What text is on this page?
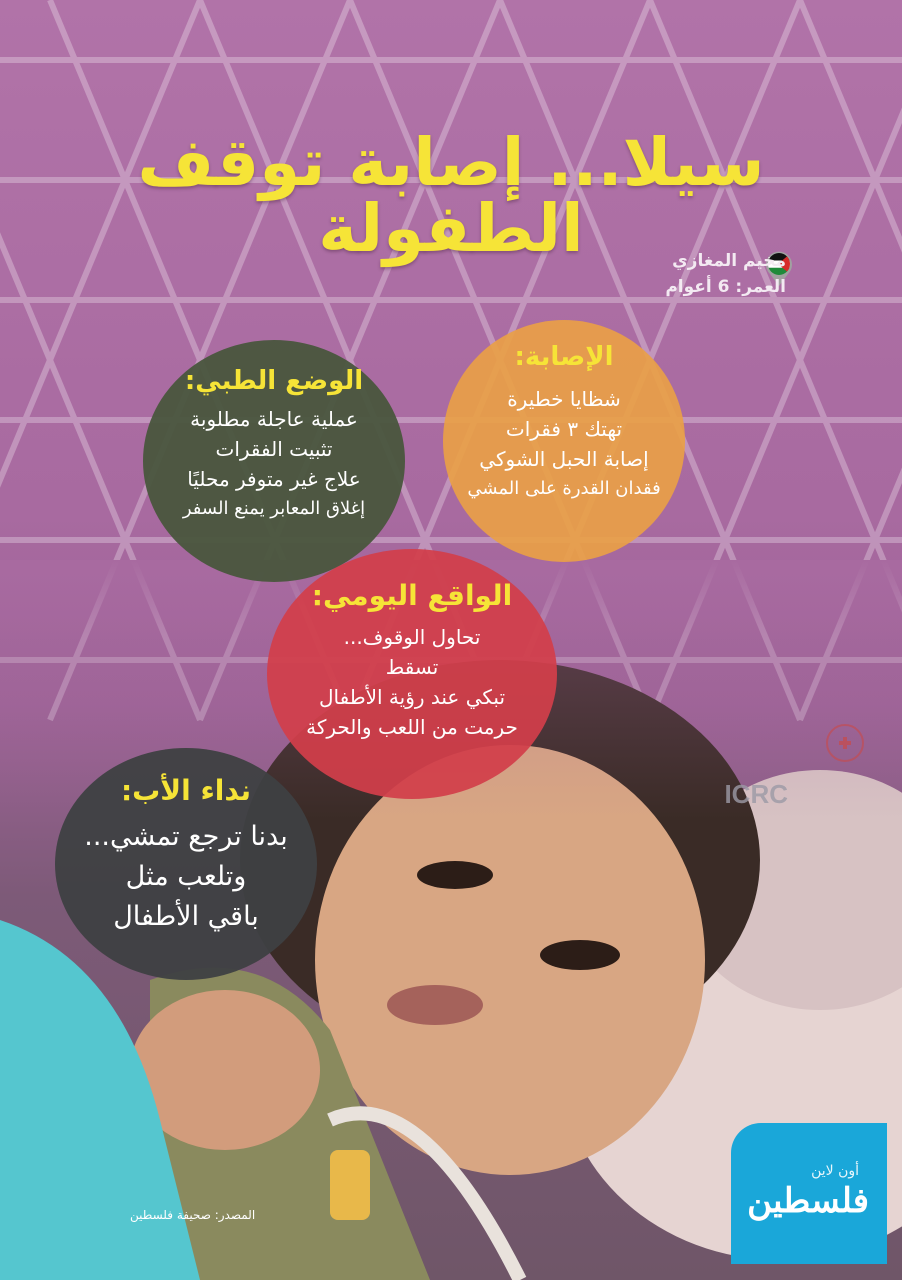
ICRC
سيلا... إصابة توقف الطفولة	مخيم المغازي
العمر: 6 أعوام
الإصابة:
شظايا خطيرة
تهتك ٣ فقرات
إصابة الحبل الشوكي
فقدان القدرة على المشي
الوضع الطبي:
عملية عاجلة مطلوبة
تثبيت الفقرات
علاج غير متوفر محليًا
إغلاق المعابر يمنع السفر
الواقع اليومي:
تحاول الوقوف...
تسقط
تبكي عند رؤية الأطفال
حرمت من اللعب والحركة
نداء الأب:
بدنا ترجع تمشي...
وتلعب مثل
باقي الأطفال
المصدر: صحيفة فلسطين
أون لاين
فلسطين
